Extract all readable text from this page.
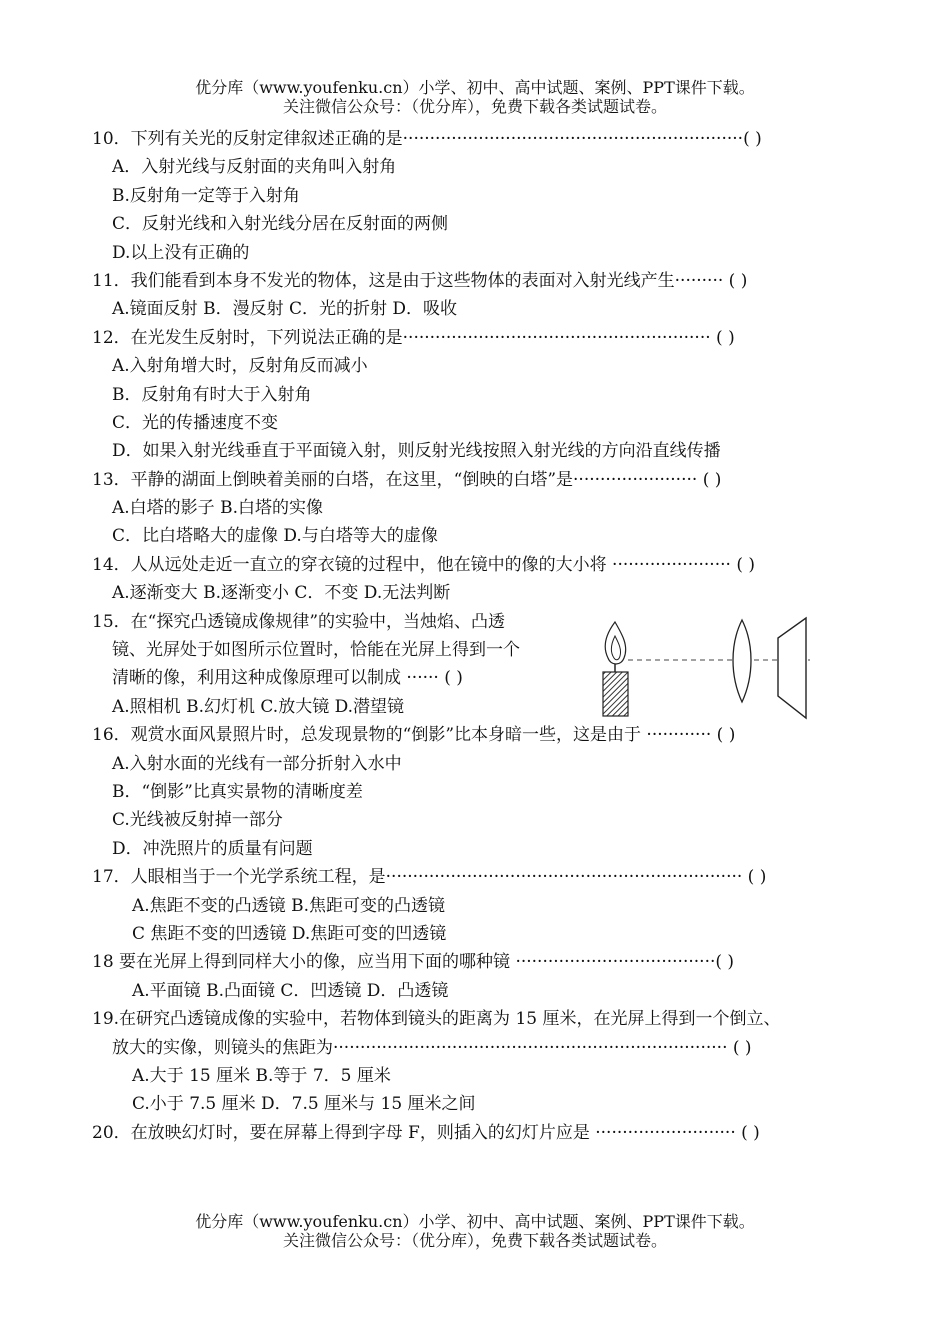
优分库（www.youfenku.cn）小学、初中、高中试题、案例、PPT课件下载。
关注微信公众号：（优分库），免费下载各类试题试卷。
10．下列有关光的反射定律叙述正确的是·······························································( )
A．入射光线与反射面的夹角叫入射角
B.反射角一定等于入射角
C．反射光线和入射光线分居在反射面的两侧
D.以上没有正确的
11．我们能看到本身不发光的物体，这是由于这些物体的表面对入射光线产生········· ( )
A.镜面反射 B．漫反射 C．光的折射 D．吸收
12．在光发生反射时，下列说法正确的是························································· ( )
A.入射角增大时，反射角反而减小
B．反射角有时大于入射角
C．光的传播速度不变
D．如果入射光线垂直于平面镜入射，则反射光线按照入射光线的方向沿直线传播
13．平静的湖面上倒映着美丽的白塔，在这里，“倒映的白塔”是······················· ( )
A.白塔的影子 B.白塔的实像
C．比白塔略大的虚像 D.与白塔等大的虚像
14．人从远处走近一直立的穿衣镜的过程中，他在镜中的像的大小将 ······················ ( )
A.逐渐变大 B.逐渐变小 C．不变 D.无法判断
15．在“探究凸透镜成像规律”的实验中，当烛焰、凸透
镜、光屏处于如图所示位置时，恰能在光屏上得到一个
清晰的像，利用这种成像原理可以制成 ······ ( )
A.照相机 B.幻灯机 C.放大镜 D.潜望镜
16．观赏水面风景照片时，总发现景物的“倒影”比本身暗一些，这是由于 ············ ( )
A.入射水面的光线有一部分折射入水中
B．“倒影”比真实景物的清晰度差
C.光线被反射掉一部分
D．冲洗照片的质量有问题
17．人眼相当于一个光学系统工程，是·································································· ( )
A.焦距不变的凸透镜 B.焦距可变的凸透镜
C 焦距不变的凹透镜 D.焦距可变的凹透镜
18 要在光屏上得到同样大小的像，应当用下面的哪种镜 ·····································( )
A.平面镜 B.凸面镜 C．凹透镜 D．凸透镜
19.在研究凸透镜成像的实验中，若物体到镜头的距离为 15 厘米，在光屏上得到一个倒立、
放大的实像，则镜头的焦距为········································································· ( )
A.大于 15 厘米 B.等于 7．5 厘米
C.小于 7.5 厘米 D．7.5 厘米与 15 厘米之间
20．在放映幻灯时，要在屏幕上得到字母 F，则插入的幻灯片应是 ·························· ( )
优分库（www.youfenku.cn）小学、初中、高中试题、案例、PPT课件下载。
关注微信公众号：（优分库），免费下载各类试题试卷。
